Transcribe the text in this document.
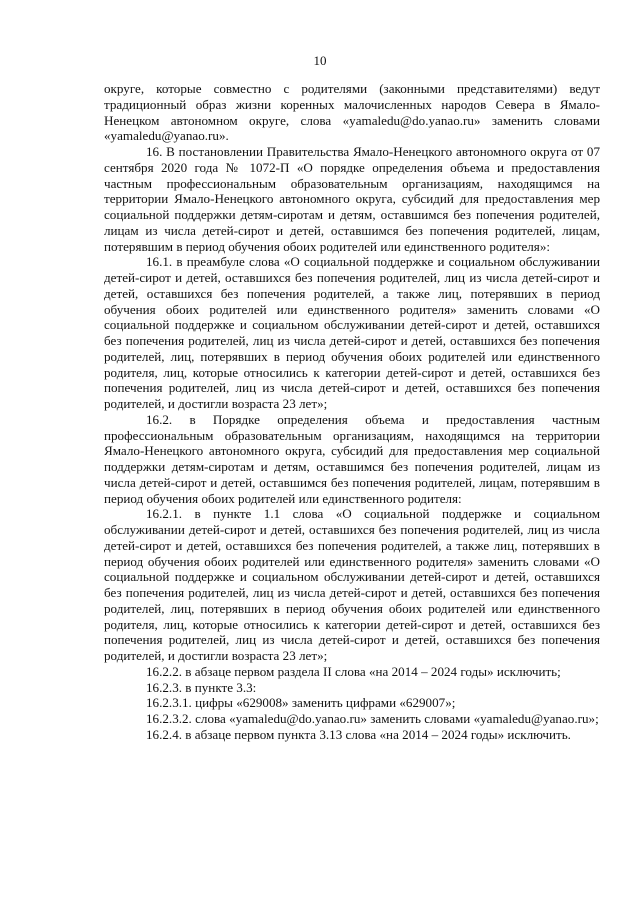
10

округе, которые совместно с родителями (законными представителями) ведут традиционный образ жизни коренных малочисленных народов Севера в Ямало-Ненецком автономном округе, слова «yamaledu@do.yanao.ru» заменить словами «yamaledu@yanao.ru».

16. В постановлении Правительства Ямало-Ненецкого автономного округа от 07 сентября 2020 года № 1072-П «О порядке определения объема и предоставления частным профессиональным образовательным организациям, находящимся на территории Ямало-Ненецкого автономного округа, субсидий для предоставления мер социальной поддержки детям-сиротам и детям, оставшимся без попечения родителей, лицам из числа детей-сирот и детей, оставшимся без попечения родителей, лицам, потерявшим в период обучения обоих родителей или единственного родителя»:

16.1. в преамбуле слова «О социальной поддержке и социальном обслуживании детей-сирот и детей, оставшихся без попечения родителей, лиц из числа детей-сирот и детей, оставшихся без попечения родителей, а также лиц, потерявших в период обучения обоих родителей или единственного родителя» заменить словами «О социальной поддержке и социальном обслуживании детей-сирот и детей, оставшихся без попечения родителей, лиц из числа детей-сирот и детей, оставшихся без попечения родителей, лиц, потерявших в период обучения обоих родителей или единственного родителя, лиц, которые относились к категории детей-сирот и детей, оставшихся без попечения родителей, лиц из числа детей-сирот и детей, оставшихся без попечения родителей, и достигли возраста 23 лет»;

16.2. в Порядке определения объема и предоставления частным профессиональным образовательным организациям, находящимся на территории Ямало-Ненецкого автономного округа, субсидий для предоставления мер социальной поддержки детям-сиротам и детям, оставшимся без попечения родителей, лицам из числа детей-сирот и детей, оставшимся без попечения родителей, лицам, потерявшим в период обучения обоих родителей или единственного родителя:

16.2.1. в пункте 1.1 слова «О социальной поддержке и социальном обслуживании детей-сирот и детей, оставшихся без попечения родителей, лиц из числа детей-сирот и детей, оставшихся без попечения родителей, а также лиц, потерявших в период обучения обоих родителей или единственного родителя» заменить словами «О социальной поддержке и социальном обслуживании детей-сирот и детей, оставшихся без попечения родителей, лиц из числа детей-сирот и детей, оставшихся без попечения родителей, лиц, потерявших в период обучения обоих родителей или единственного родителя, лиц, которые относились к категории детей-сирот и детей, оставшихся без попечения родителей, лиц из числа детей-сирот и детей, оставшихся без попечения родителей, и достигли возраста 23 лет»;

16.2.2. в абзаце первом раздела II слова «на 2014 – 2024 годы» исключить;

16.2.3. в пункте 3.3:

16.2.3.1. цифры «629008» заменить цифрами «629007»;

16.2.3.2. слова «yamaledu@do.yanao.ru» заменить словами «yamaledu@yanao.ru»;

16.2.4. в абзаце первом пункта 3.13 слова «на 2014 – 2024 годы» исключить.
